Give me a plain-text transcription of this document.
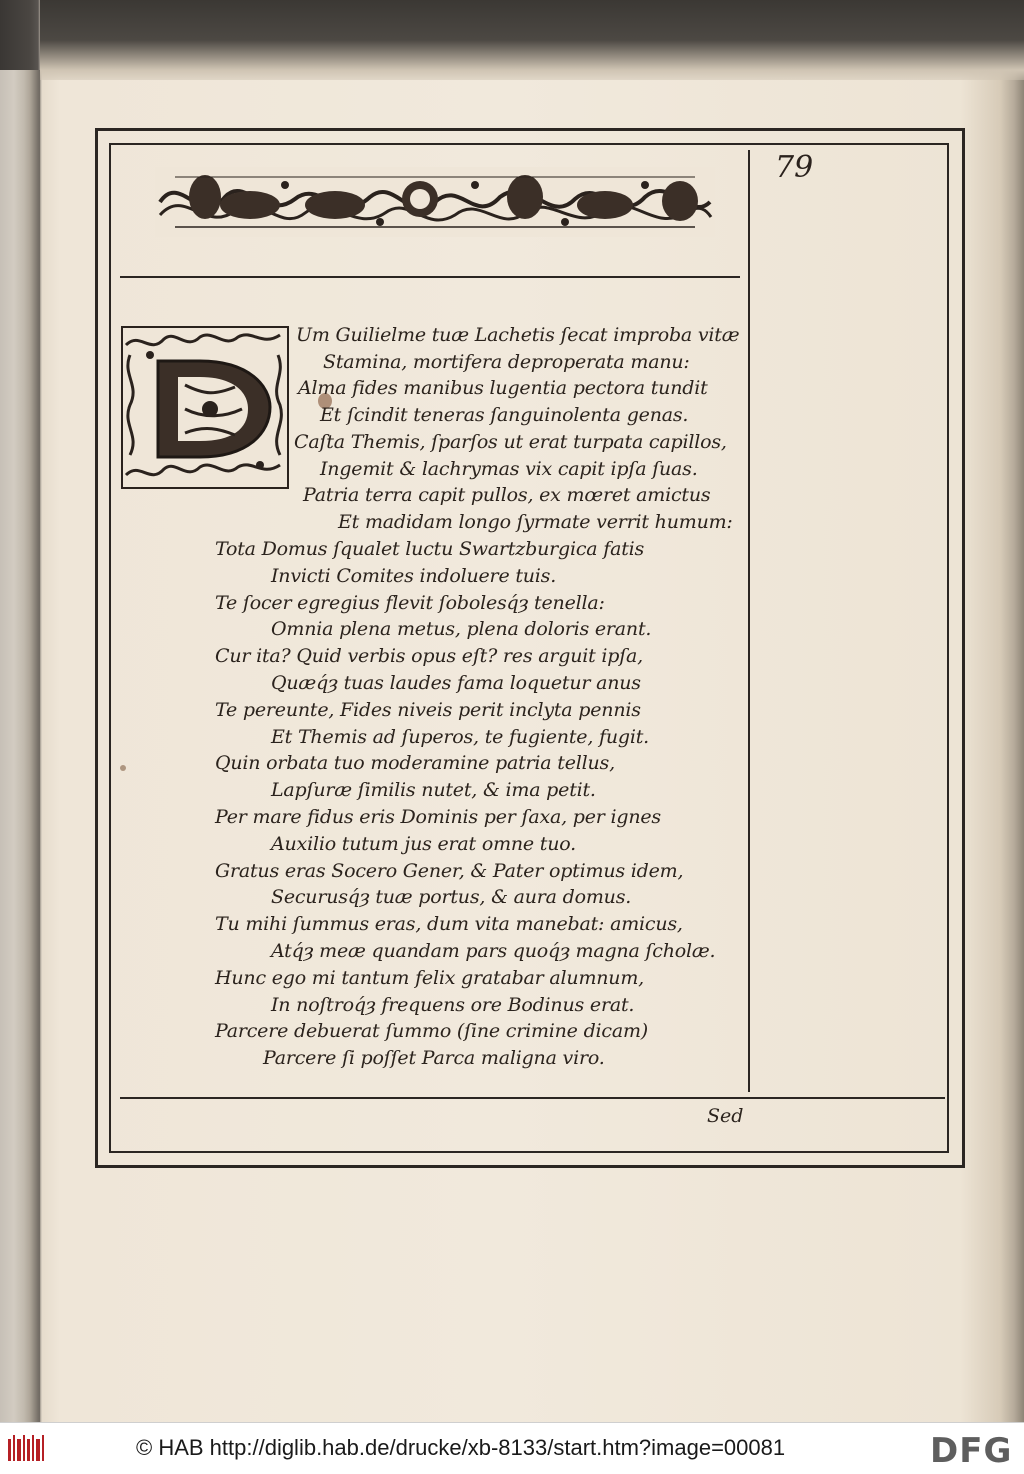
79
Um Guilielme tuæ Lachetis ſecat improba vitæ
Stamina, mortifera deproperata manu:
Alma fides manibus lugentia pectora tundit
Et ſcindit teneras ſanguinolenta genas.
Caſta Themis, ſparſos ut erat turpata capillos,
Ingemit & lachrymas vix capit ipſa ſuas.
Patria terra capit pullos, ex mœret amictus
Et madidam longo ſyrmate verrit humum:
Tota Domus ſqualet luctu Swartzburgica fatis
Invicti Comites indoluere tuis.
Te ſocer egregius flevit ſobolesq́ȝ tenella:
Omnia plena metus, plena doloris erant.
Cur ita? Quid verbis opus eſt? res arguit ipſa,
Quæq́ȝ tuas laudes fama loquetur anus
Te pereunte, Fides niveis perit inclyta pennis
Et Themis ad ſuperos, te fugiente, fugit.
Quin orbata tuo moderamine patria tellus,
Lapſuræ ſimilis nutet, & ima petit.
Per mare fidus eris Dominis per ſaxa, per ignes
Auxilio tutum jus erat omne tuo.
Gratus eras Socero Gener, & Pater optimus idem,
Securusq́ȝ tuæ portus, & aura domus.
Tu mihi ſummus eras, dum vita manebat: amicus,
Atq́ȝ meæ quandam pars quoq́ȝ magna ſcholæ.
Hunc ego mi tantum felix gratabar alumnum,
In noſtroq́ȝ frequens ore Bodinus erat.
Parcere debuerat ſummo (ſine crimine dicam)
Parcere ſi poſſet Parca maligna viro.
Sed
© HAB http://diglib.hab.de/drucke/xb-8133/start.htm?image=00081	DFG
